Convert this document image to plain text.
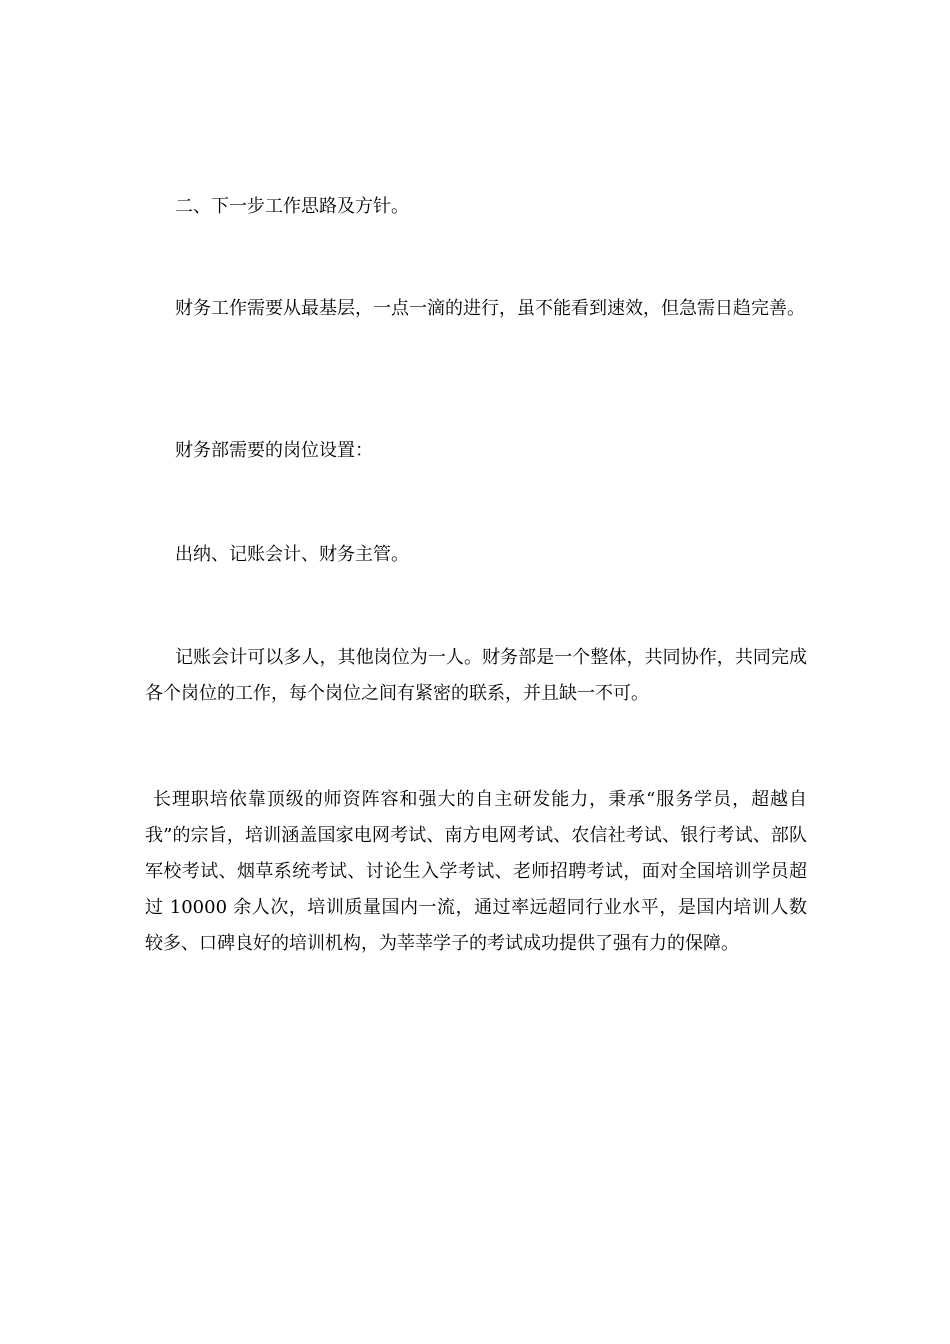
二、下一步工作思路及方针。

财务工作需要从最基层，一点一滴的进行，虽不能看到速效，但急需日趋完善。

财务部需要的岗位设置：

出纳、记账会计、财务主管。

记账会计可以多人，其他岗位为一人。财务部是一个整体，共同协作，共同完成各个岗位的工作，每个岗位之间有紧密的联系，并且缺一不可。

长理职培依靠顶级的师资阵容和强大的自主研发能力，秉承“服务学员，超越自我”的宗旨，培训涵盖国家电网考试、南方电网考试、农信社考试、银行考试、部队军校考试、烟草系统考试、讨论生入学考试、老师招聘考试，面对全国培训学员超过 10000 余人次，培训质量国内一流，通过率远超同行业水平，是国内培训人数较多、口碑良好的培训机构，为莘莘学子的考试成功提供了强有力的保障。
